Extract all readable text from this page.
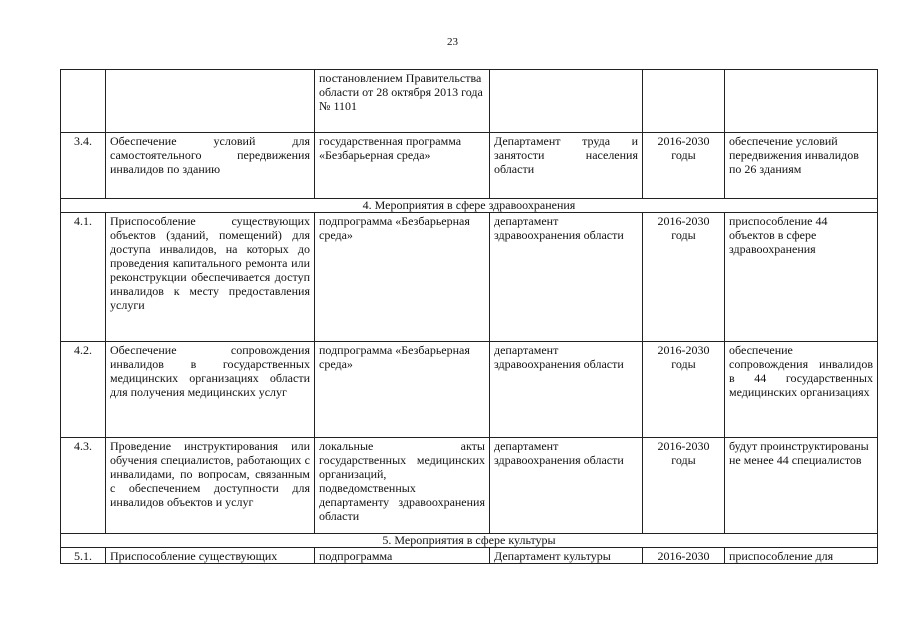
23
		постановлением Правительства области от 28 октября 2013 года № 1101			
3.4.	Обеспечение условий для самостоятельного передвижения инвалидов по зданию	государственная программа «Безбарьерная среда»	Департамент труда и занятости населения области	2016-2030 годы	обеспечение условий передвижения инвалидов по 26 зданиям
4. Мероприятия в сфере здравоохранения					
4.1.	Приспособление существующих объектов (зданий, помещений) для доступа инвалидов, на которых до проведения капитального ремонта или реконструкции обеспечивается доступ инвалидов к месту предоставления услуги	подпрограмма «Безбарьерная среда»	департамент здравоохранения области	2016-2030 годы	приспособление 44 объектов в сфере здравоохранения
4.2.	Обеспечение сопровождения инвалидов в государственных медицинских организациях области для получения медицинских услуг	подпрограмма «Безбарьерная среда»	департамент здравоохранения области	2016-2030 годы	обеспечение сопровождения инвалидов в 44 государственных медицинских организациях
4.3.	Проведение инструктирования или обучения специалистов, работающих с инвалидами, по вопросам, связанным с обеспечением доступности для инвалидов объектов и услуг	локальные акты государственных медицинских организаций, подведомственных департаменту здравоохранения области	департамент здравоохранения области	2016-2030 годы	будут проинструктированы не менее 44 специалистов
5. Мероприятия в сфере культуры					
5.1.	Приспособление существующих	подпрограмма	Департамент культуры	2016-2030	приспособление для
